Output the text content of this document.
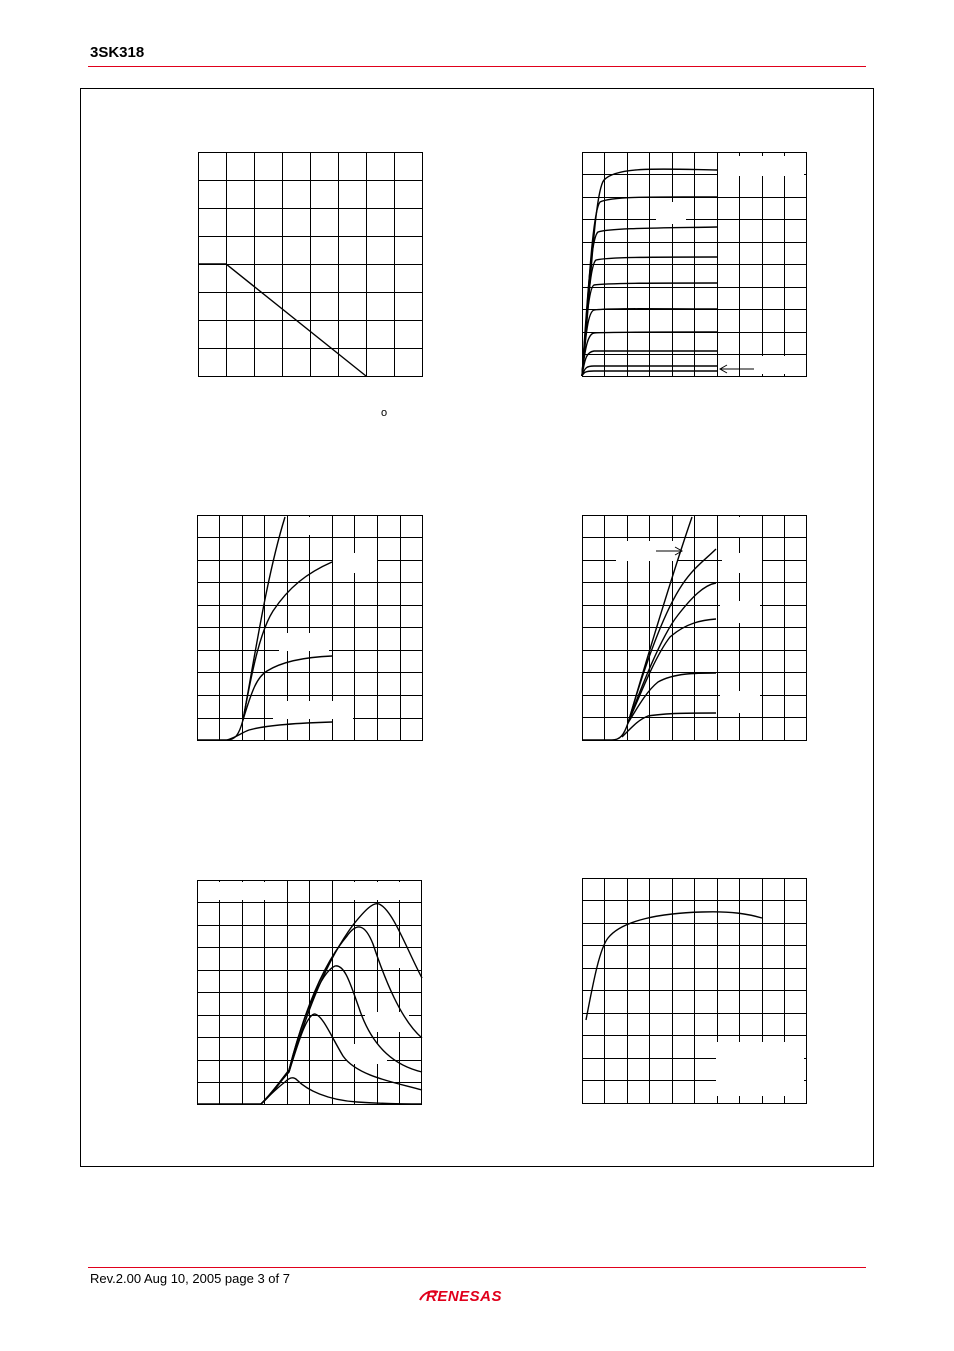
3SK318
o
Rev.2.00 Aug 10, 2005 page 3 of 7
RENESAS
